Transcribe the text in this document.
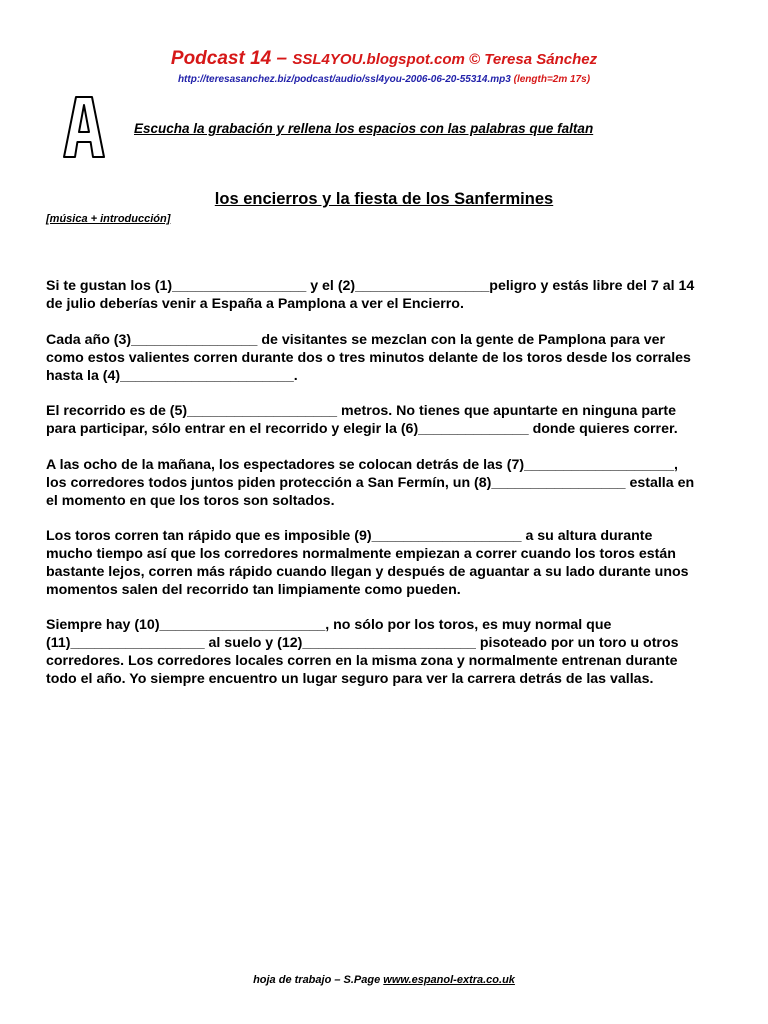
Podcast 14 – SSL4YOU.blogspot.com © Teresa Sánchez
http://teresasanchez.biz/podcast/audio/ssl4you-2006-06-20-55314.mp3 (length=2m 17s)
A
Escucha la grabación y rellena los espacios con las palabras que faltan
los encierros y la fiesta de los Sanfermines
[música + introducción]
Si te gustan los (1)_________________ y el (2)_________________peligro y estás libre del 7 al 14
de julio deberías venir a España a Pamplona a ver el Encierro.
Cada año (3)________________ de visitantes se mezclan con la gente de Pamplona para ver
como estos valientes corren durante dos o tres minutos delante de los toros desde los corrales
hasta la (4)______________________.
El recorrido es de (5)___________________ metros. No tienes que apuntarte en ninguna parte
para participar, sólo entrar en el recorrido y elegir la (6)______________ donde quieres correr.
A las ocho de la mañana, los espectadores se colocan detrás de las (7)___________________,
los corredores todos juntos piden protección a San Fermín, un (8)_________________ estalla en
el momento en que los toros son soltados.
Los toros corren tan rápido que es imposible (9)___________________ a su altura durante
mucho tiempo así que los corredores normalmente empiezan a correr cuando los toros están
bastante lejos, corren más rápido cuando llegan y después de aguantar a su lado durante unos
momentos salen del recorrido tan limpiamente como pueden.
Siempre hay (10)_____________________, no sólo por los toros, es muy normal que
(11)_________________ al suelo y (12)______________________ pisoteado por un toro u otros
corredores. Los corredores locales corren en la misma zona y normalmente entrenan durante
todo el año. Yo siempre encuentro un lugar seguro para ver la carrera detrás de las vallas.
hoja de trabajo – S.Page www.espanol-extra.co.uk
